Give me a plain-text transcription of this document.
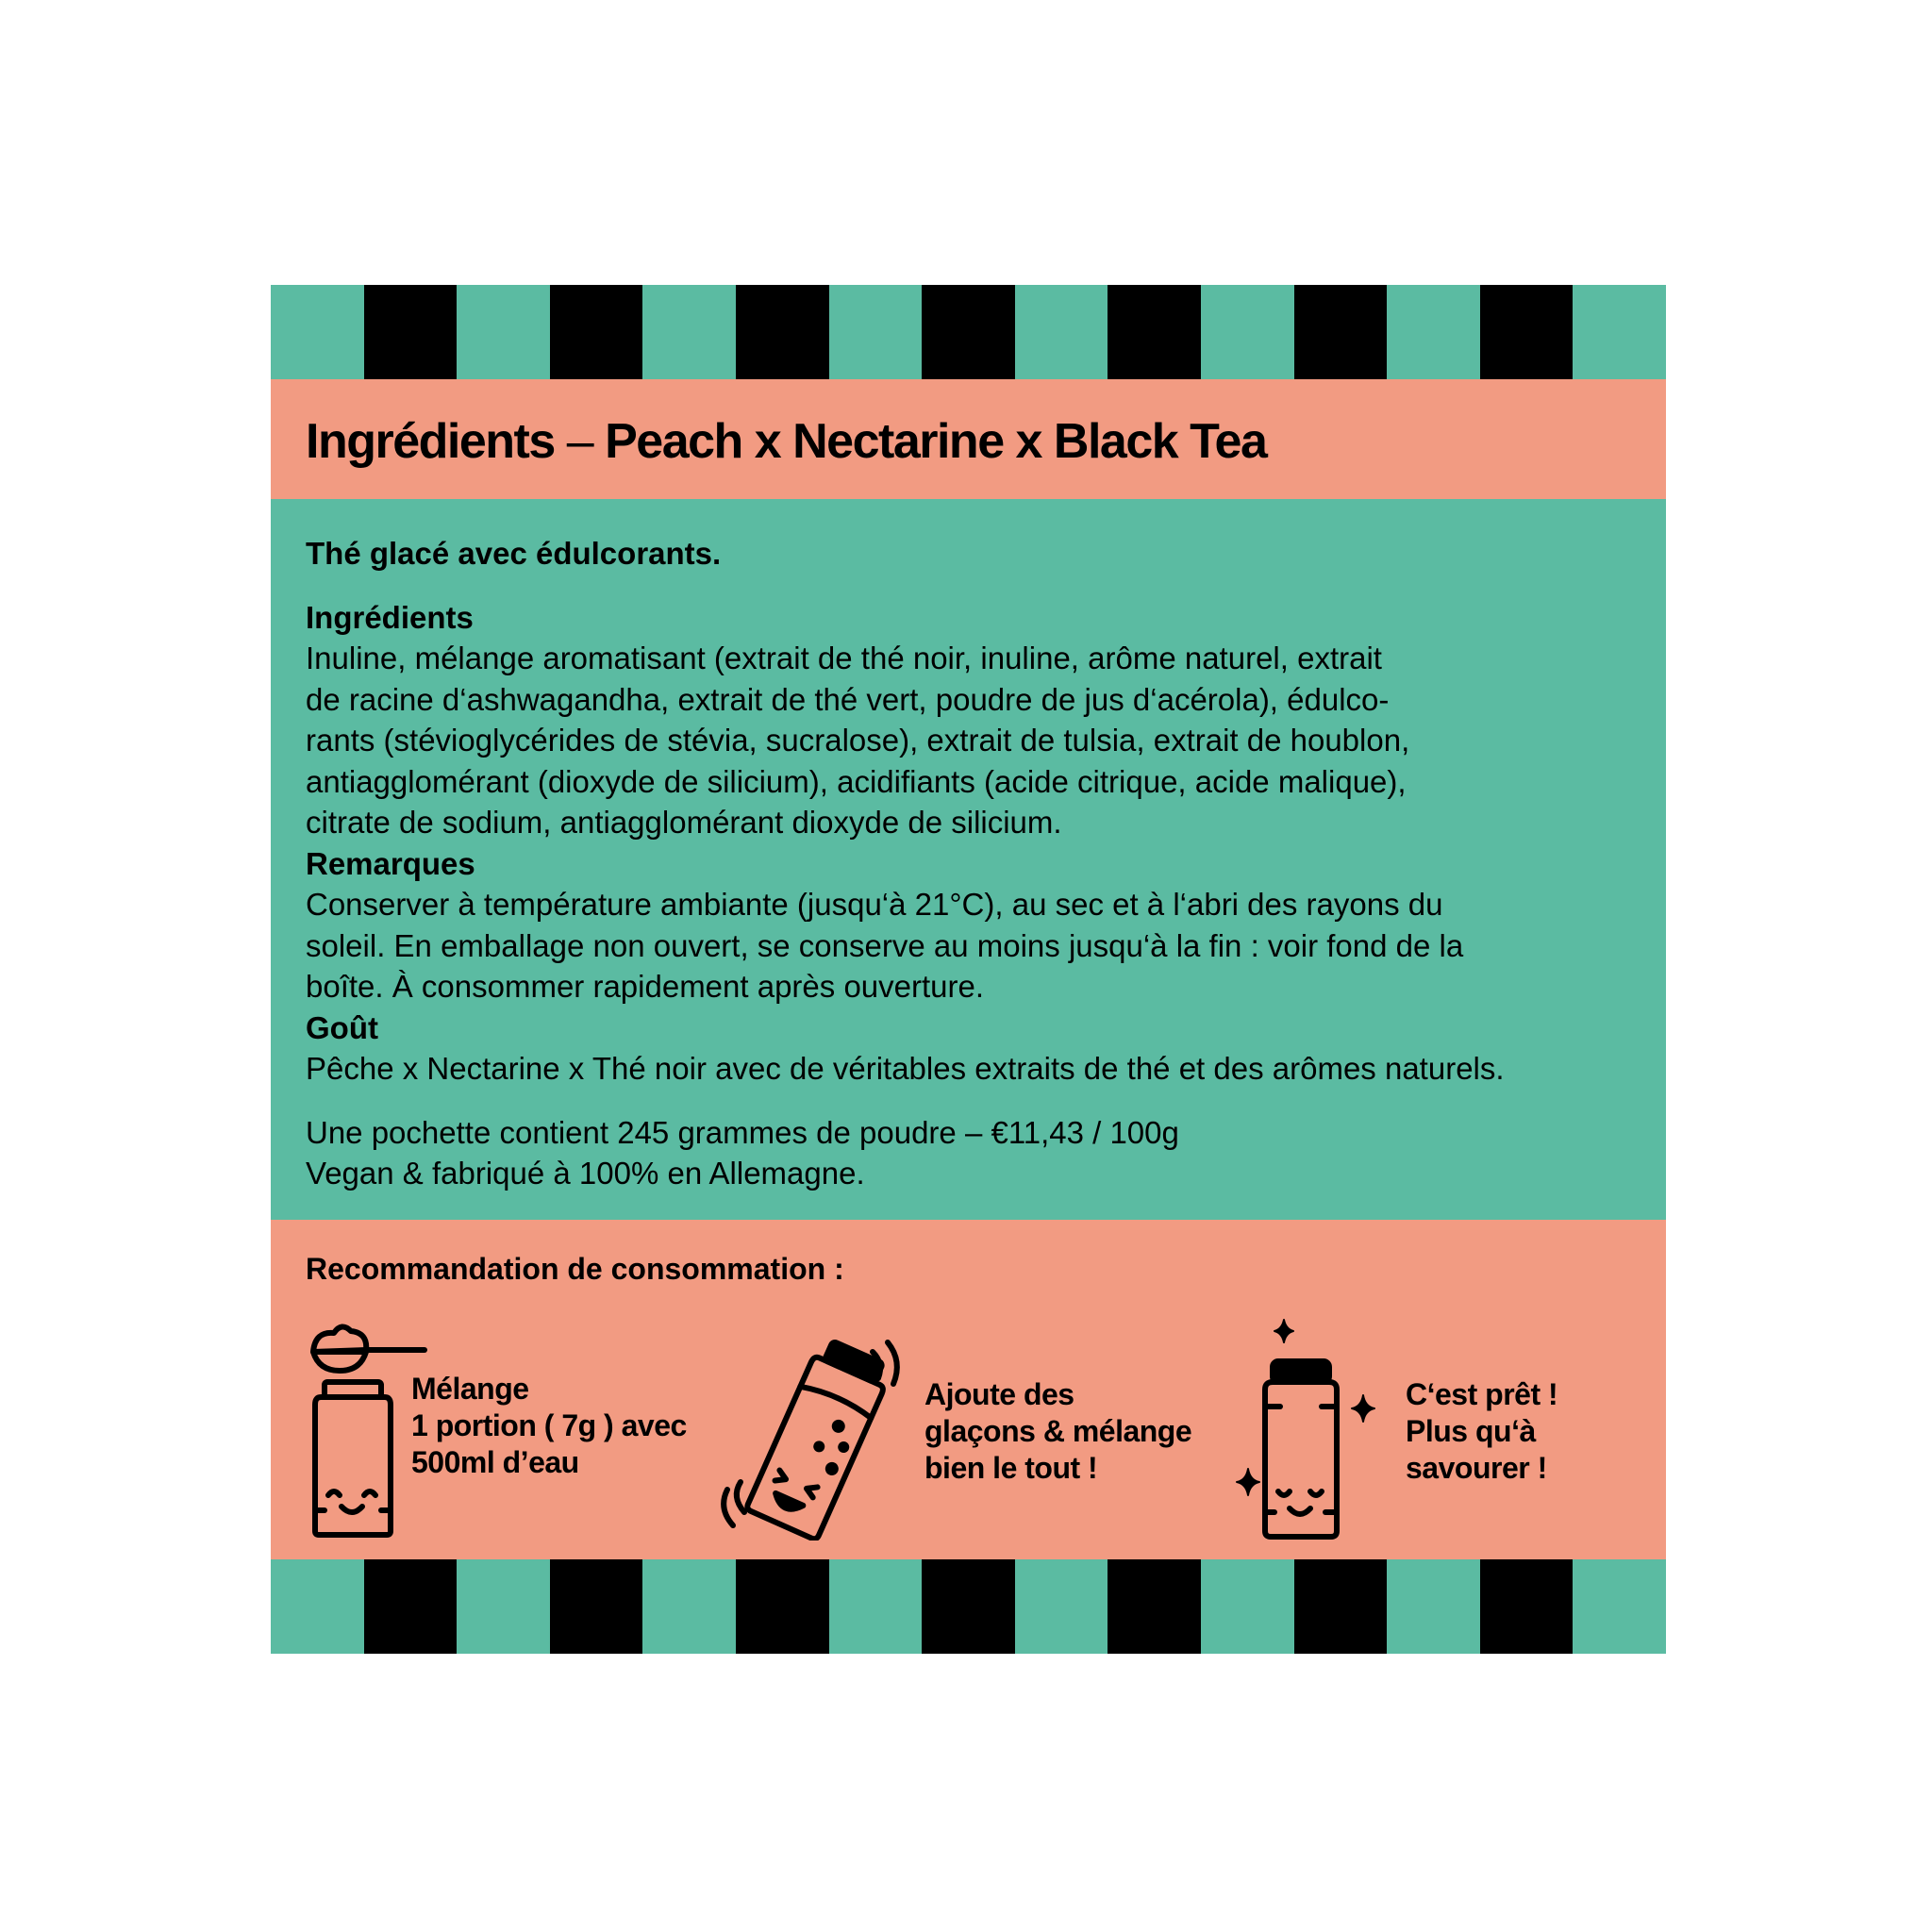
Ingrédients – Peach x Nectarine x Black Tea

Thé glacé avec édulcorants.

Ingrédients

Inuline, mélange aromatisant (extrait de thé noir, inuline, arôme naturel, extrait

de racine d‘ashwagandha, extrait de thé vert, poudre de jus d‘acérola), édulco-

rants (stévioglycérides de stévia, sucralose), extrait de tulsia, extrait de houblon,

antiagglomérant (dioxyde de silicium), acidifiants (acide citrique, acide malique),

citrate de sodium, antiagglomérant dioxyde de silicium.

Remarques

Conserver à température ambiante (jusqu‘à 21°C), au sec et à l‘abri des rayons du

soleil. En emballage non ouvert, se conserve au moins jusqu‘à la fin : voir fond de la

boîte. À consommer rapidement après ouverture.

Goût

Pêche x Nectarine x Thé noir avec de véritables extraits de thé et des arômes naturels.

Une pochette contient 245 grammes de poudre – €11,43 / 100g

Vegan & fabriqué à 100% en Allemagne.

Recommandation de consommation :
Mélange
1 portion ( 7g ) avec
500ml d’eau
Ajoute des
glaçons & mélange
bien le tout !
C‘est prêt !
Plus qu‘à
savourer !
